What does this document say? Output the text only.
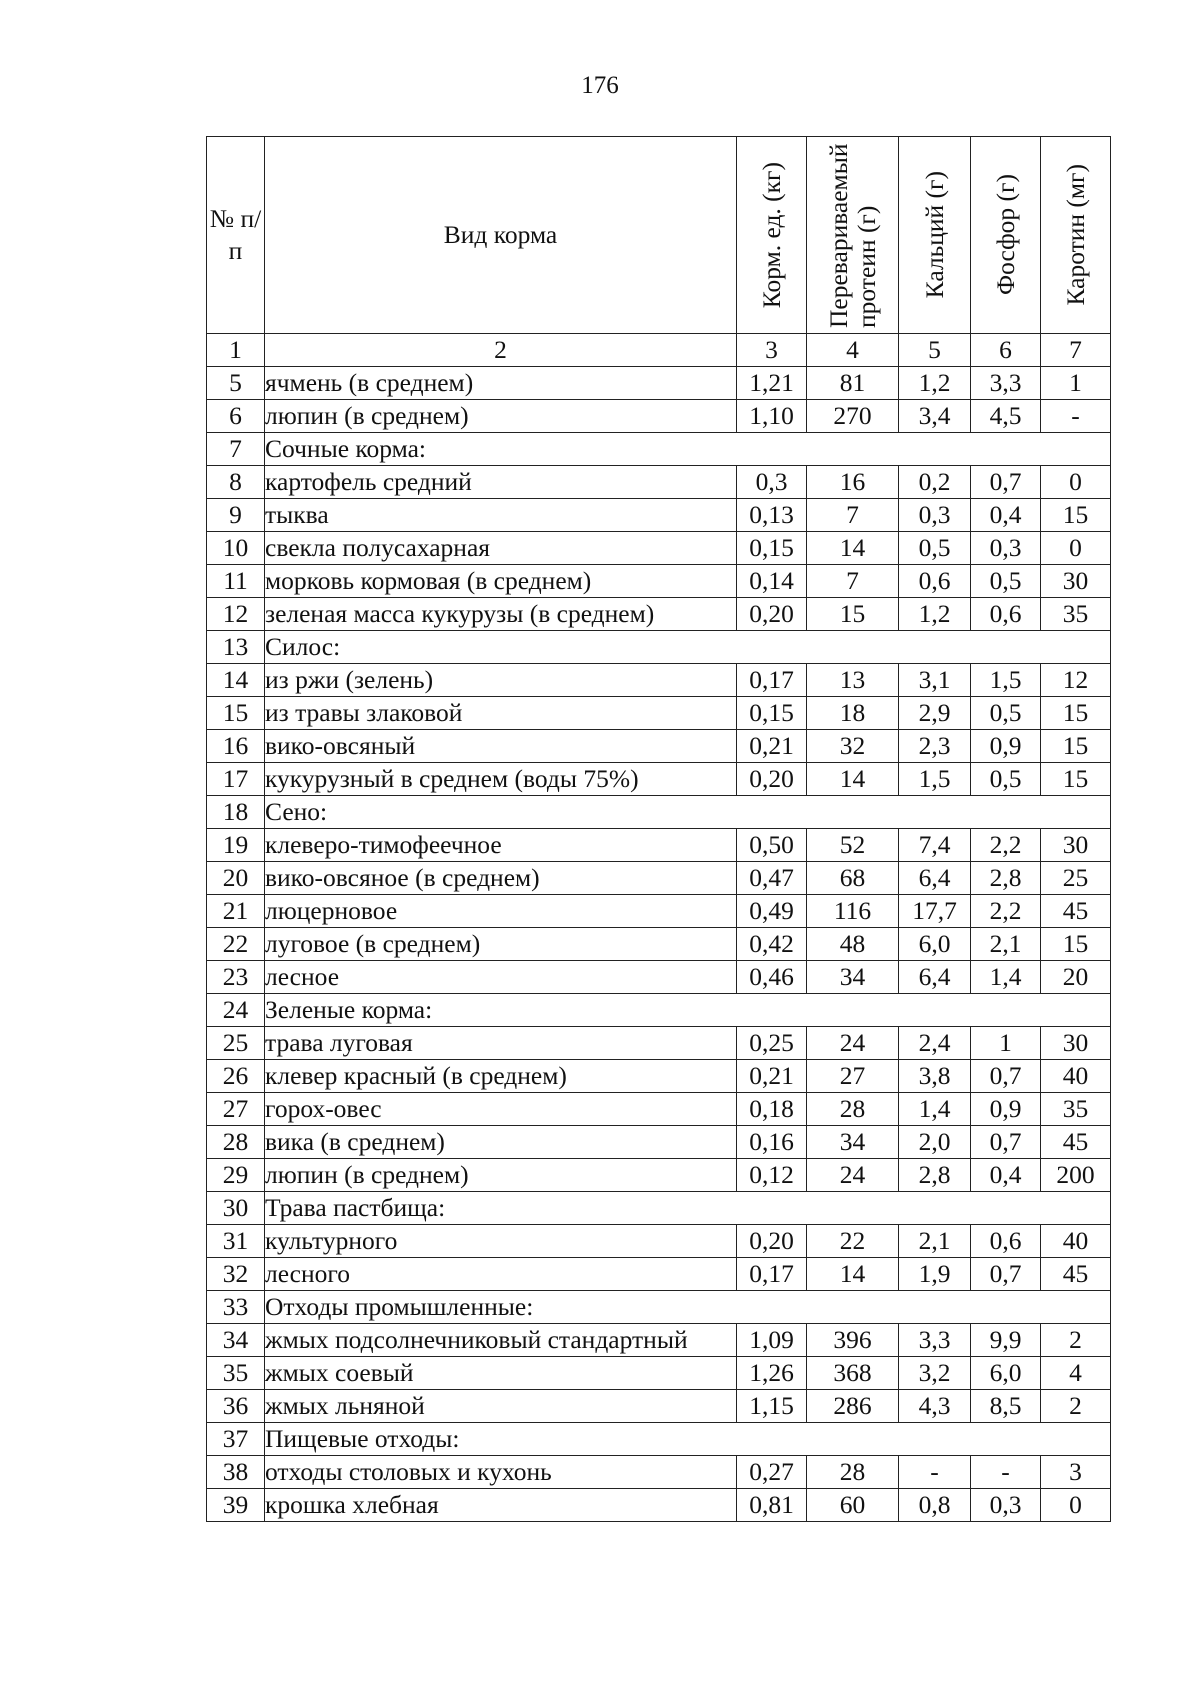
176
№ п/п	Вид корма	Корм. ед. (кг)	Перевариваемый протеин (г)	Кальций (г)	Фосфор (г)	Каротин (мг)

1	2	3	4	5	6	7
5	ячмень (в среднем)	1,21	81	1,2	3,3	1
6	люпин (в среднем)	1,10	270	3,4	4,5	-
7	Сочные корма:					
8	картофель средний	0,3	16	0,2	0,7	0
9	тыква	0,13	7	0,3	0,4	15
10	свекла полусахарная	0,15	14	0,5	0,3	0
11	морковь кормовая (в среднем)	0,14	7	0,6	0,5	30
12	зеленая масса кукурузы (в среднем)	0,20	15	1,2	0,6	35
13	Силос:					
14	из ржи (зелень)	0,17	13	3,1	1,5	12
15	из травы злаковой	0,15	18	2,9	0,5	15
16	вико-овсяный	0,21	32	2,3	0,9	15
17	кукурузный в среднем (воды 75%)	0,20	14	1,5	0,5	15
18	Сено:					
19	клеверо-тимофеечное	0,50	52	7,4	2,2	30
20	вико-овсяное (в среднем)	0,47	68	6,4	2,8	25
21	люцерновое	0,49	116	17,7	2,2	45
22	луговое (в среднем)	0,42	48	6,0	2,1	15
23	лесное	0,46	34	6,4	1,4	20
24	Зеленые корма:					
25	трава луговая	0,25	24	2,4	1	30
26	клевер красный (в среднем)	0,21	27	3,8	0,7	40
27	горох-овес	0,18	28	1,4	0,9	35
28	вика (в среднем)	0,16	34	2,0	0,7	45
29	люпин (в среднем)	0,12	24	2,8	0,4	200
30	Трава пастбища:					
31	культурного	0,20	22	2,1	0,6	40
32	лесного	0,17	14	1,9	0,7	45
33	Отходы промышленные:					
34	жмых подсолнечниковый стандартный	1,09	396	3,3	9,9	2
35	жмых соевый	1,26	368	3,2	6,0	4
36	жмых льняной	1,15	286	4,3	8,5	2
37	Пищевые отходы:					
38	отходы столовых и кухонь	0,27	28	-	-	3
39	крошка хлебная	0,81	60	0,8	0,3	0
